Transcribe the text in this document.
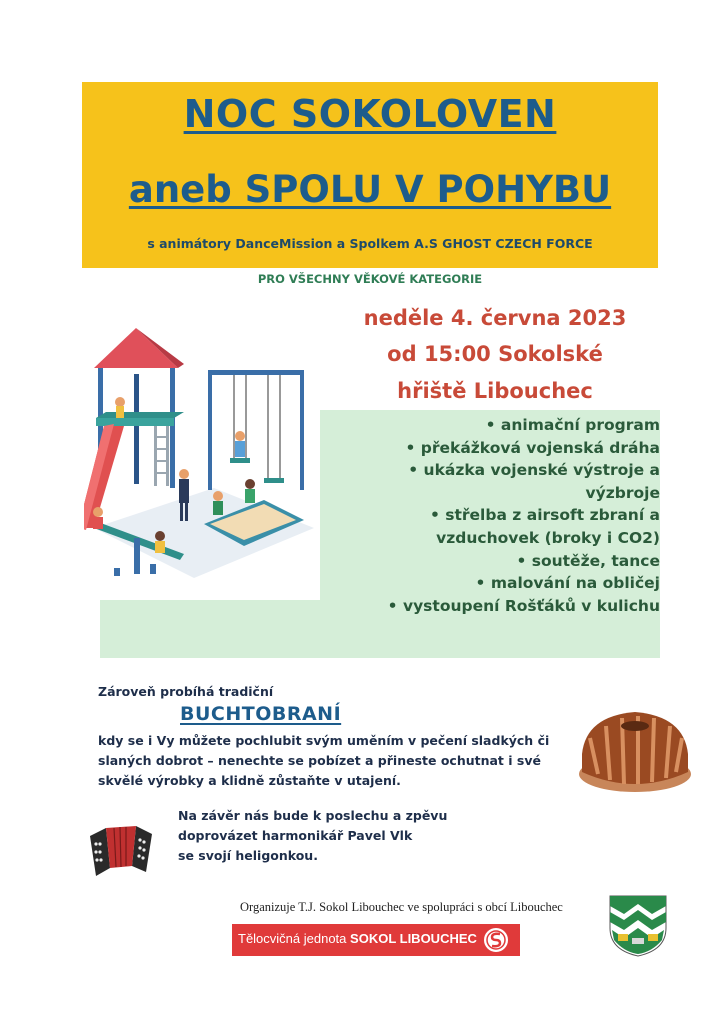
NOC SOKOLOVEN
aneb SPOLU V POHYBU
s animátory DanceMission a Spolkem A.S GHOST CZECH FORCE
PRO VŠECHNY VĚKOVÉ KATEGORIE
neděle 4. června 2023
od 15:00 Sokolské
hřiště Libouchec
• animační program
• překážková vojenská dráha
• ukázka vojenské výstroje a
výzbroje
• střelba z airsoft zbraní a
vzduchovek (broky i CO2)
• soutěže, tance
• malování na obličej
• vystoupení Rošťáků v kulichu
Zároveň probíhá tradiční
BUCHTOBRANÍ
kdy se i Vy můžete pochlubit svým uměním v pečení sladkých či
slaných dobrot – nenechte se pobízet a přineste ochutnat i své
skvělé výrobky a klidně zůstaňte v utajení.
Na závěr nás bude k poslechu a zpěvu
doprovázet harmonikář Pavel Vlk
se svojí heligonkou.
Organizuje T.J. Sokol Libouchec ve spolupráci s obcí Libouchec
Tělocvičná jednota SOKOL LIBOUCHEC
